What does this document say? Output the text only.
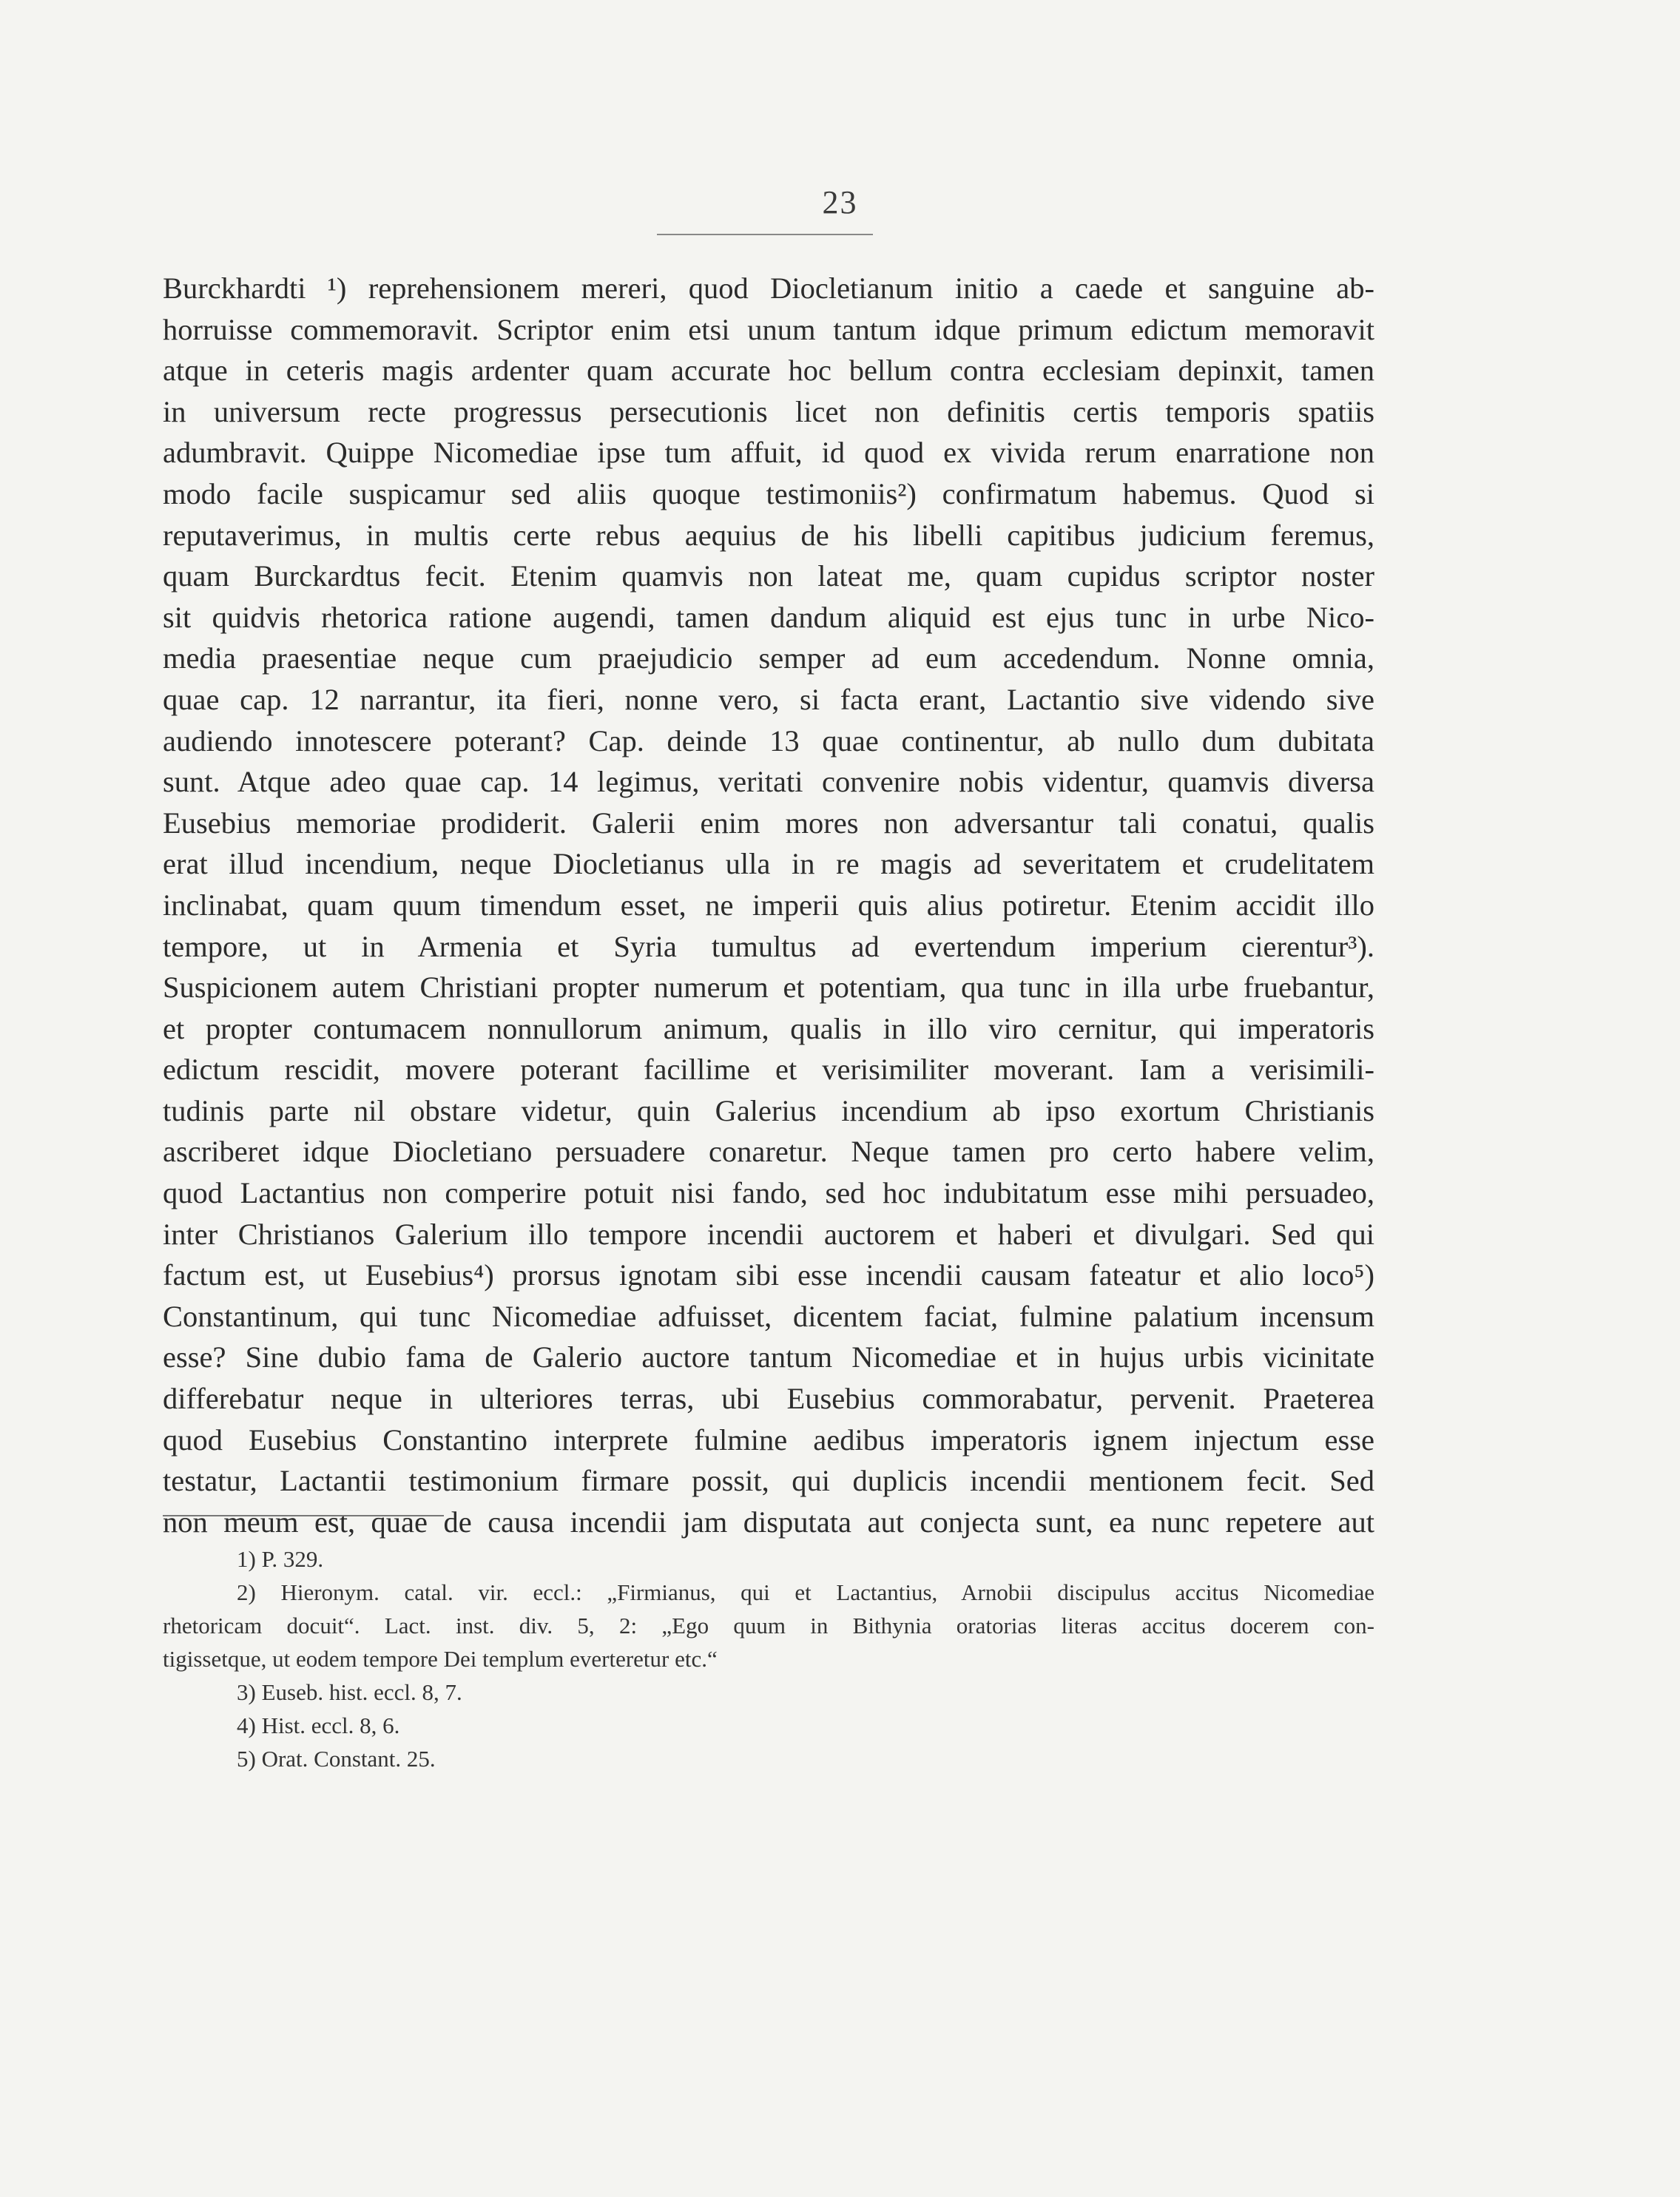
23
Burckhardti ¹) reprehensionem mereri, quod Diocletianum initio a caede et sanguine ab-
horruisse commemoravit. Scriptor enim etsi unum tantum idque primum edictum memoravit
atque in ceteris magis ardenter quam accurate hoc bellum contra ecclesiam depinxit, tamen
in universum recte progressus persecutionis licet non definitis certis temporis spatiis
adumbravit. Quippe Nicomediae ipse tum affuit, id quod ex vivida rerum enarratione non
modo facile suspicamur sed aliis quoque testimoniis²) confirmatum habemus. Quod si
reputaverimus, in multis certe rebus aequius de his libelli capitibus judicium feremus,
quam Burckardtus fecit. Etenim quamvis non lateat me, quam cupidus scriptor noster
sit quidvis rhetorica ratione augendi, tamen dandum aliquid est ejus tunc in urbe Nico-
media praesentiae neque cum praejudicio semper ad eum accedendum. Nonne omnia,
quae cap. 12 narrantur, ita fieri, nonne vero, si facta erant, Lactantio sive videndo sive
audiendo innotescere poterant? Cap. deinde 13 quae continentur, ab nullo dum dubitata
sunt. Atque adeo quae cap. 14 legimus, veritati convenire nobis videntur, quamvis diversa
Eusebius memoriae prodiderit. Galerii enim mores non adversantur tali conatui, qualis
erat illud incendium, neque Diocletianus ulla in re magis ad severitatem et crudelitatem
inclinabat, quam quum timendum esset, ne imperii quis alius potiretur. Etenim accidit illo
tempore, ut in Armenia et Syria tumultus ad evertendum imperium cierentur³).
Suspicionem autem Christiani propter numerum et potentiam, qua tunc in illa urbe fruebantur,
et propter contumacem nonnullorum animum, qualis in illo viro cernitur, qui imperatoris
edictum rescidit, movere poterant facillime et verisimiliter moverant. Iam a verisimili-
tudinis parte nil obstare videtur, quin Galerius incendium ab ipso exortum Christianis
ascriberet idque Diocletiano persuadere conaretur. Neque tamen pro certo habere velim,
quod Lactantius non comperire potuit nisi fando, sed hoc indubitatum esse mihi persuadeo,
inter Christianos Galerium illo tempore incendii auctorem et haberi et divulgari. Sed qui
factum est, ut Eusebius⁴) prorsus ignotam sibi esse incendii causam fateatur et alio loco⁵)
Constantinum, qui tunc Nicomediae adfuisset, dicentem faciat, fulmine palatium incensum
esse? Sine dubio fama de Galerio auctore tantum Nicomediae et in hujus urbis vicinitate
differebatur neque in ulteriores terras, ubi Eusebius commorabatur, pervenit. Praeterea
quod Eusebius Constantino interprete fulmine aedibus imperatoris ignem injectum esse
testatur, Lactantii testimonium firmare possit, qui duplicis incendii mentionem fecit. Sed
non meum est, quae de causa incendii jam disputata aut conjecta sunt, ea nunc repetere aut
1) P. 329.
2) Hieronym. catal. vir. eccl.: „Firmianus, qui et Lactantius, Arnobii discipulus accitus Nicomediae
rhetoricam docuit“. Lact. inst. div. 5, 2: „Ego quum in Bithynia oratorias literas accitus docerem con-
tigissetque, ut eodem tempore Dei templum everteretur etc.“
3) Euseb. hist. eccl. 8, 7.
4) Hist. eccl. 8, 6.
5) Orat. Constant. 25.
